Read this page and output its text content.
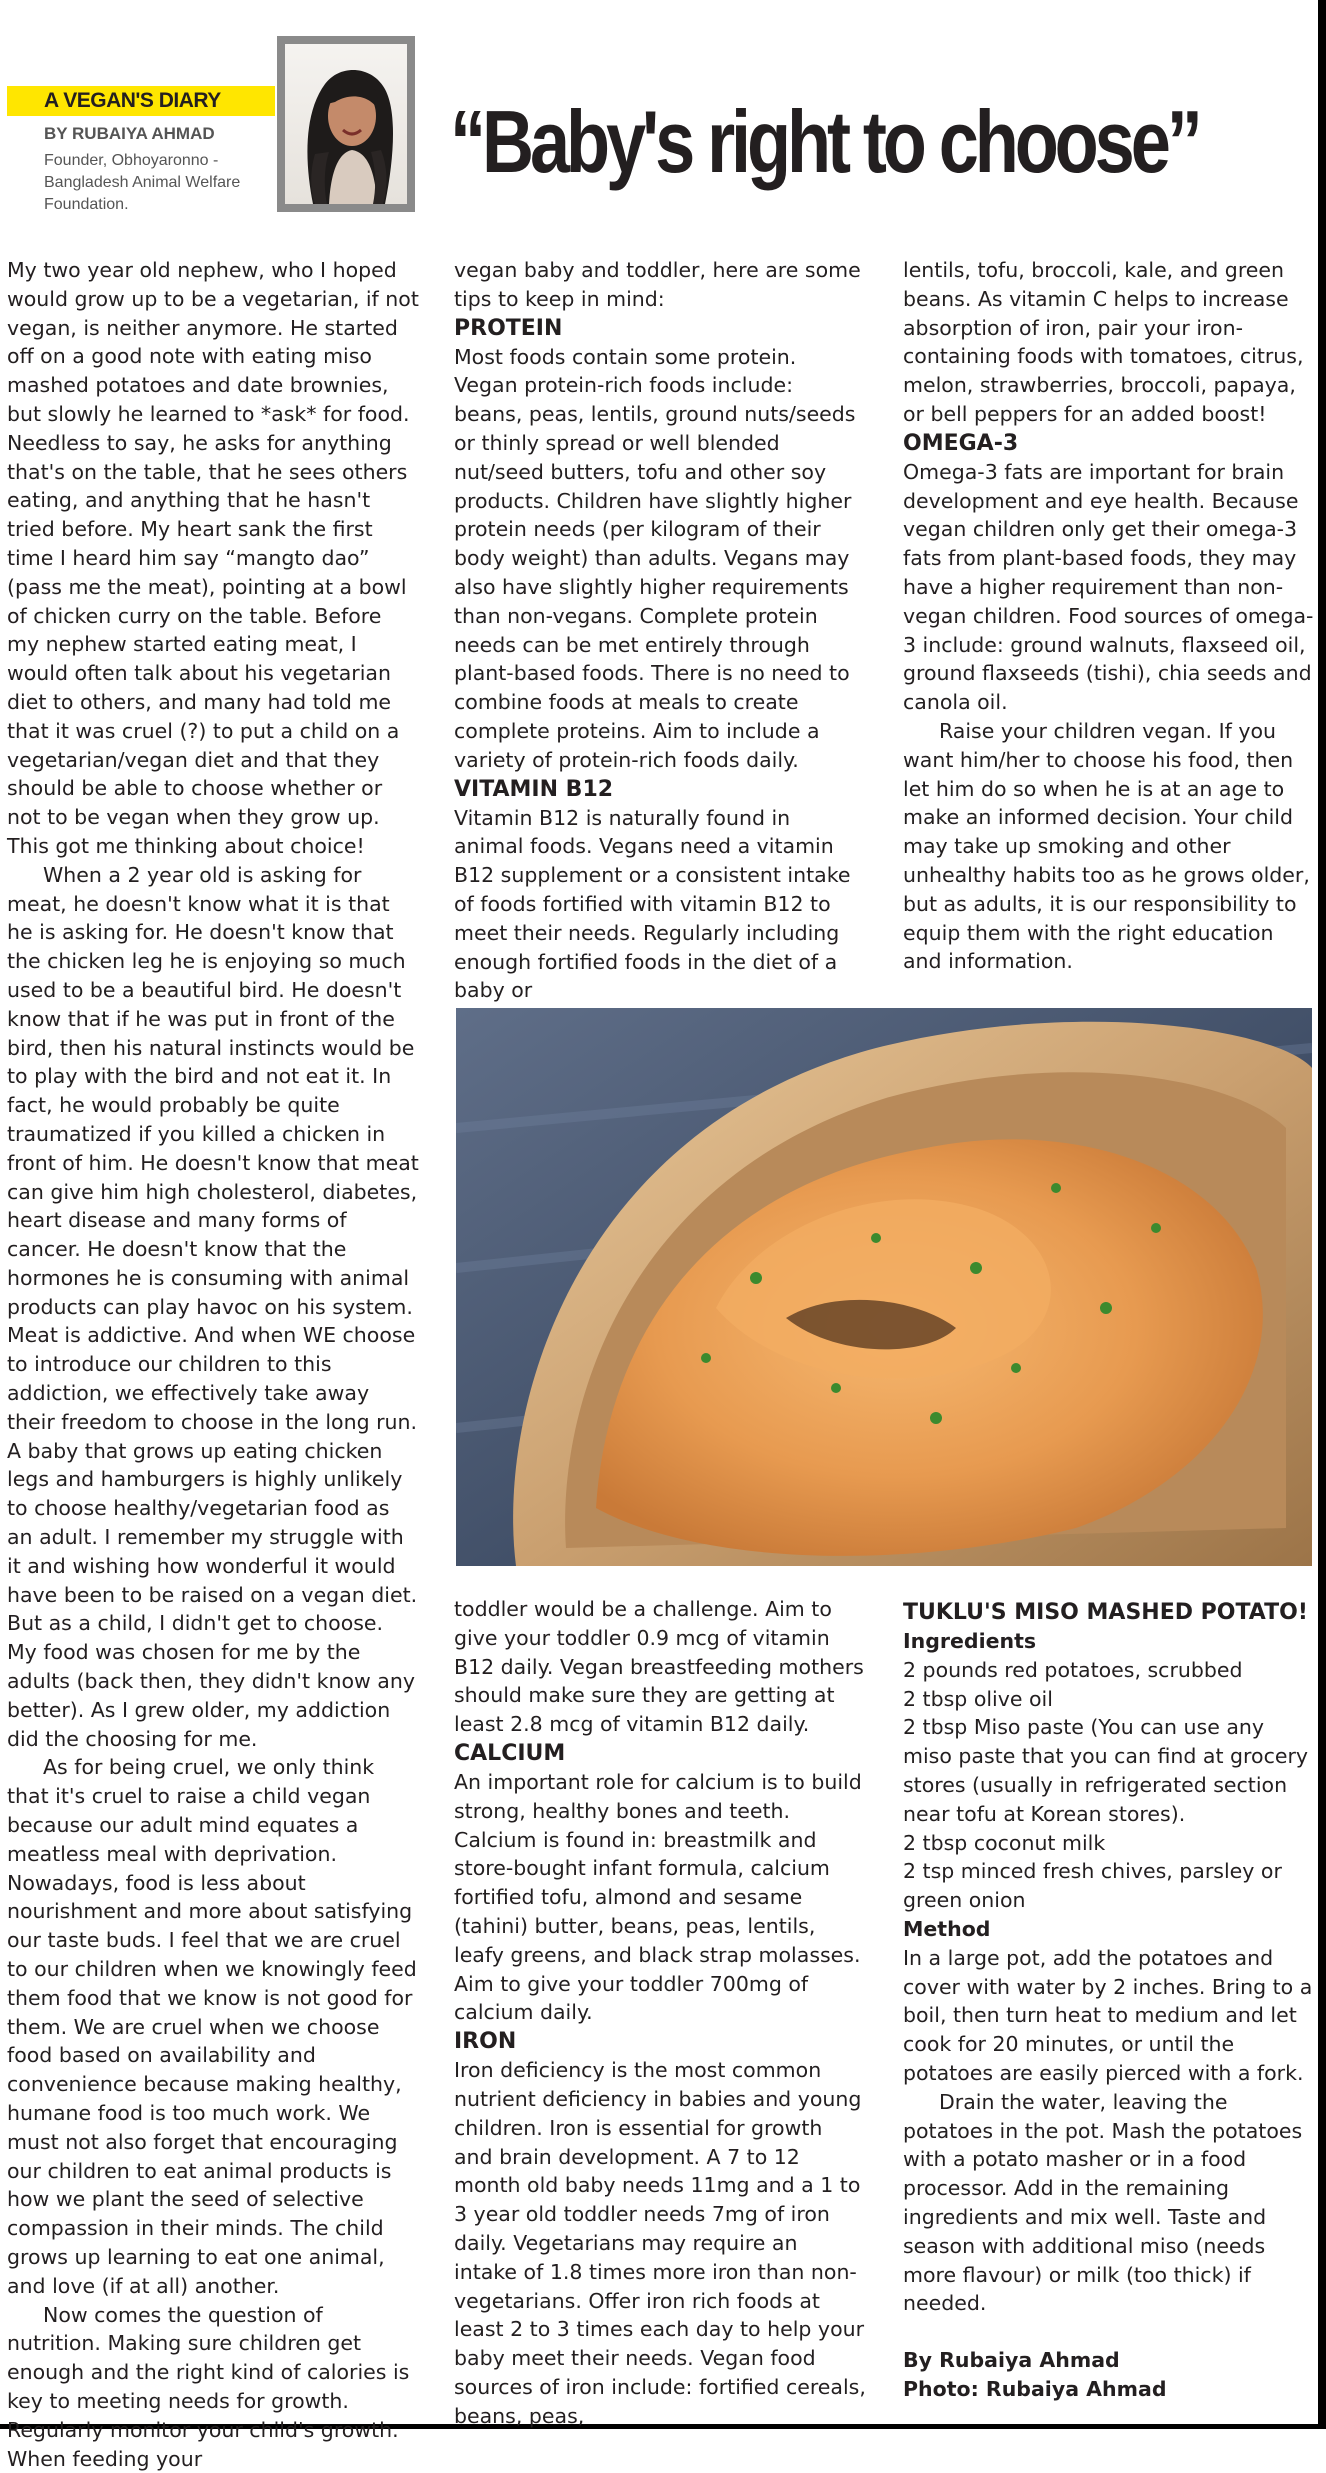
A VEGAN'S DIARY
BY RUBAIYA AHMAD
Founder, Obhoyaronno - Bangladesh Animal Welfare Foundation.
“Baby's right to choose”

My two year old nephew, who I hoped would grow up to be a vegetarian, if not vegan, is neither anymore. He started off on a good note with eating miso mashed potatoes and date brownies, but slowly he learned to *ask* for food. Needless to say, he asks for anything that's on the table, that he sees others eating, and anything that he hasn't tried before. My heart sank the first time I heard him say “mangto dao” (pass me the meat), pointing at a bowl of chicken curry on the table. Before my nephew started eating meat, I would often talk about his vegetarian diet to others, and many had told me that it was cruel (?) to put a child on a vegetarian/vegan diet and that they should be able to choose whether or not to be vegan when they grow up. This got me thinking about choice!

When a 2 year old is asking for meat, he doesn't know what it is that he is asking for. He doesn't know that the chicken leg he is enjoying so much used to be a beautiful bird. He doesn't know that if he was put in front of the bird, then his natural instincts would be to play with the bird and not eat it. In fact, he would probably be quite traumatized if you killed a chicken in front of him. He doesn't know that meat can give him high cholesterol, diabetes, heart disease and many forms of cancer. He doesn't know that the hormones he is consuming with animal products can play havoc on his system. Meat is addictive. And when WE choose to introduce our children to this addiction, we effectively take away their freedom to choose in the long run. A baby that grows up eating chicken legs and hamburgers is highly unlikely to choose healthy/vegetarian food as an adult. I remember my struggle with it and wishing how wonderful it would have been to be raised on a vegan diet. But as a child, I didn't get to choose. My food was chosen for me by the adults (back then, they didn't know any better). As I grew older, my addiction did the choosing for me.

As for being cruel, we only think that it's cruel to raise a child vegan because our adult mind equates a meatless meal with deprivation. Nowadays, food is less about nourishment and more about satisfying our taste buds. I feel that we are cruel to our children when we knowingly feed them food that we know is not good for them. We are cruel when we choose food based on availability and convenience because making healthy, humane food is too much work. We must not also forget that encouraging our children to eat animal products is how we plant the seed of selective compassion in their minds. The child grows up learning to eat one animal, and love (if at all) another.

Now comes the question of nutrition. Making sure children get enough and the right kind of calories is key to meeting needs for growth. Regularly monitor your child's growth. When feeding your

vegan baby and toddler, here are some tips to keep in mind:

PROTEIN

Most foods contain some protein. Vegan protein-rich foods include: beans, peas, lentils, ground nuts/seeds or thinly spread or well blended nut/seed butters, tofu and other soy products. Children have slightly higher protein needs (per kilogram of their body weight) than adults. Vegans may also have slightly higher requirements than non-vegans. Complete protein needs can be met entirely through plant-based foods. There is no need to combine foods at meals to create complete proteins. Aim to include a variety of protein-rich foods daily.

VITAMIN B12

Vitamin B12 is naturally found in animal foods. Vegans need a vitamin B12 supplement or a consistent intake of foods fortified with vitamin B12 to meet their needs. Regularly including enough fortified foods in the diet of a baby or

lentils, tofu, broccoli, kale, and green beans. As vitamin C helps to increase absorption of iron, pair your iron-containing foods with tomatoes, citrus, melon, strawberries, broccoli, papaya, or bell peppers for an added boost!

OMEGA-3

Omega-3 fats are important for brain development and eye health. Because vegan children only get their omega-3 fats from plant-based foods, they may have a higher requirement than non-vegan children. Food sources of omega-3 include: ground walnuts, flaxseed oil, ground flaxseeds (tishi), chia seeds and canola oil.

Raise your children vegan. If you want him/her to choose his food, then let him do so when he is at an age to make an informed decision. Your child may take up smoking and other unhealthy habits too as he grows older, but as adults, it is our responsibility to equip them with the right education and information.

toddler would be a challenge. Aim to give your toddler 0.9 mcg of vitamin B12 daily. Vegan breastfeeding mothers should make sure they are getting at least 2.8 mcg of vitamin B12 daily.

CALCIUM

An important role for calcium is to build strong, healthy bones and teeth. Calcium is found in: breastmilk and store-bought infant formula, calcium fortified tofu, almond and sesame (tahini) butter, beans, peas, lentils, leafy greens, and black strap molasses. Aim to give your toddler 700mg of calcium daily.

IRON

Iron deficiency is the most common nutrient deficiency in babies and young children. Iron is essential for growth and brain development. A 7 to 12 month old baby needs 11mg and a 1 to 3 year old toddler needs 7mg of iron daily. Vegetarians may require an intake of 1.8 times more iron than non-vegetarians. Offer iron rich foods at least 2 to 3 times each day to help your baby meet their needs. Vegan food sources of iron include: fortified cereals, beans, peas,

TUKLU'S MISO MASHED POTATO!
Ingredients

2 pounds red potatoes, scrubbed

2 tbsp olive oil

2 tbsp Miso paste (You can use any miso paste that you can find at grocery stores (usually in refrigerated section near tofu at Korean stores).

2 tbsp coconut milk

2 tsp minced fresh chives, parsley or green onion

Method

In a large pot, add the potatoes and cover with water by 2 inches. Bring to a boil, then turn heat to medium and let cook for 20 minutes, or until the potatoes are easily pierced with a fork.

Drain the water, leaving the potatoes in the pot. Mash the potatoes with a potato masher or in a food processor. Add in the remaining ingredients and mix well. Taste and season with additional miso (needs more flavour) or milk (too thick) if needed.

By Rubaiya Ahmad

Photo: Rubaiya Ahmad
